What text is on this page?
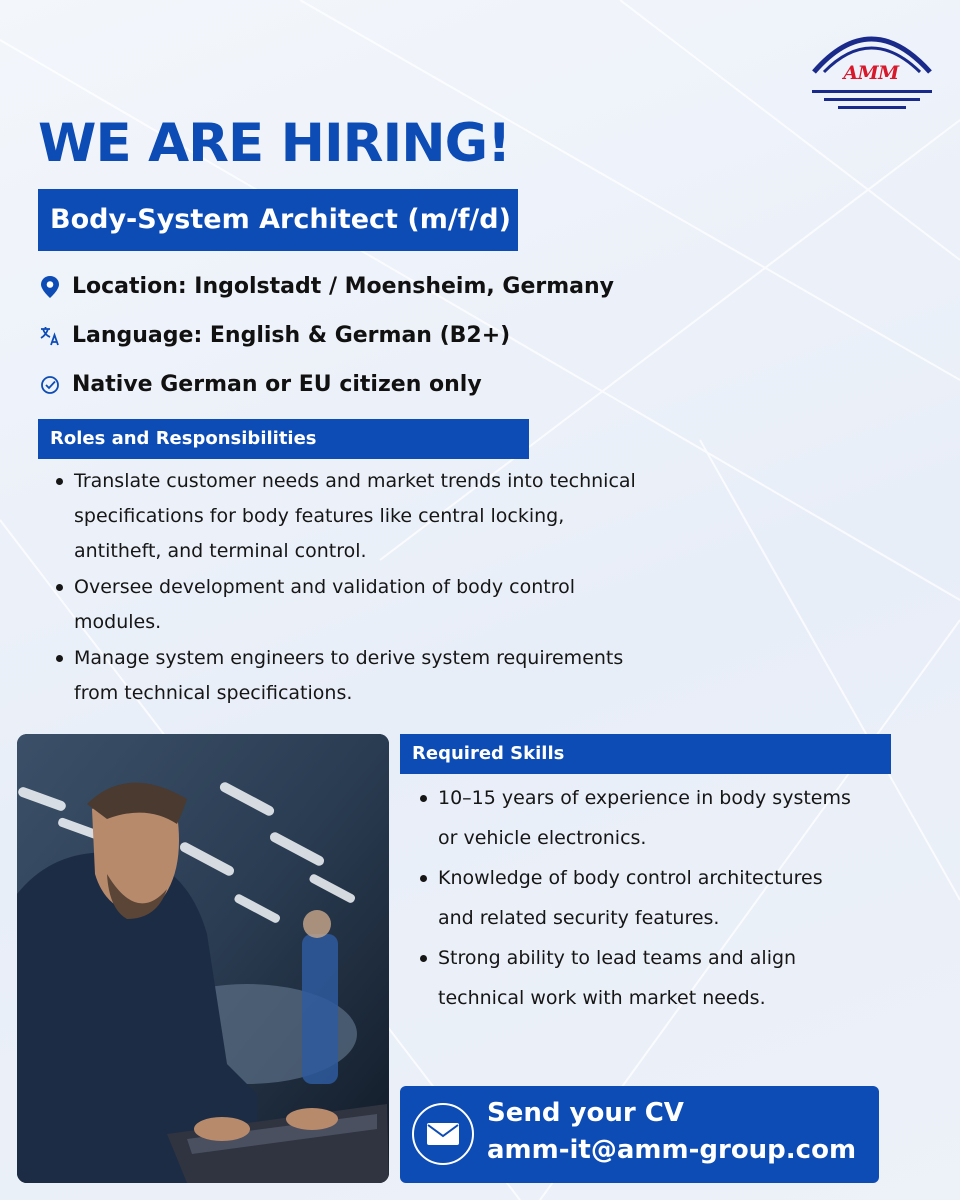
AMM
WE ARE HIRING!
Body-System Architect (m/f/d)
Location: Ingolstadt / Moensheim, Germany
Language: English & German (B2+)
Native German or EU citizen only
Roles and Responsibilities
Translate customer needs and market trends into technical
specifications for body features like central locking,
antitheft, and terminal control.
Oversee development and validation of body control
modules.
Manage system engineers to derive system requirements
from technical specifications.
Required Skills
10–15 years of experience in body systems
or vehicle electronics.
Knowledge of body control architectures
and related security features.
Strong ability to lead teams and align
technical work with market needs.
Send your CV
amm-it@amm-group.com
